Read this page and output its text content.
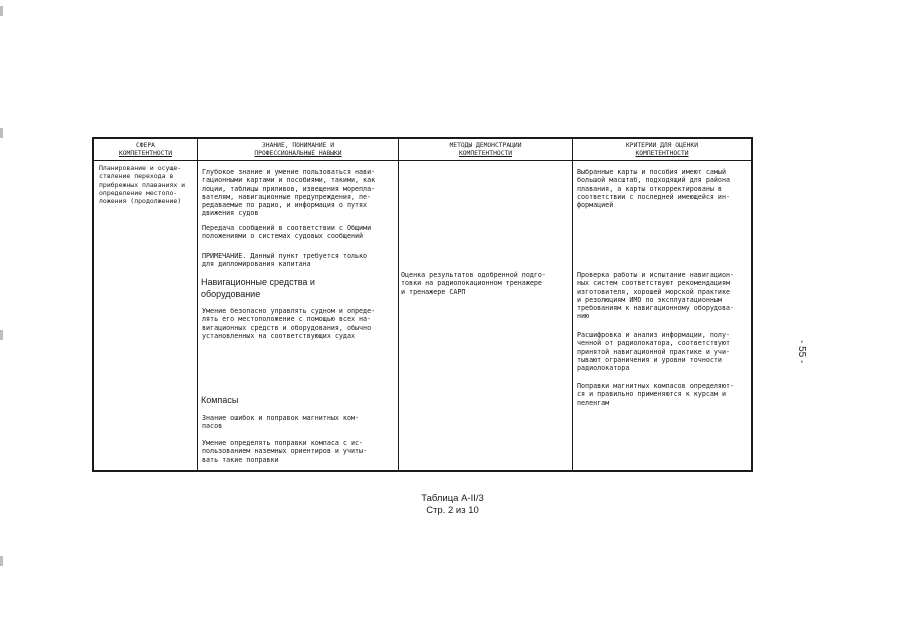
СФЕРА
КОМПЕТЕНТНОСТИ
ЗНАНИЕ, ПОНИМАНИЕ И
ПРОФЕССИОНАЛЬНЫЕ НАВЫКИ
МЕТОДЫ ДЕМОНСТРАЦИИ
КОМПЕТЕНТНОСТИ
КРИТЕРИИ ДЛЯ ОЦЕНКИ
КОМПЕТЕНТНОСТИ
Планирование и осуще-
ствление перехода в
прибрежных плаваниях и
определение местопо-
ложения (продолжение)
Глубокое знание и умение пользоваться нави-
гационными картами и пособиями, такими, как
лоции, таблицы приливов, извещения морепла-
вателям, навигационные предупреждения, пе-
редаваемые по радио, и информация о путях
движения судов
Передача сообщений в соответствии с Общими
положениями о системах судовых сообщений
ПРИМЕЧАНИЕ. Данный пункт требуется только
для дипломирования капитана
Навигационные средства и
оборудование
Умение безопасно управлять судном и опреде-
лять его местоположение с помощью всех на-
вигационных средств и оборудования, обычно
установленных на соответствующих судах
Компасы
Знание ошибок и поправок магнитных ком-
пасов
Умение определять поправки компаса с ис-
пользованием наземных ориентиров и учиты-
вать такие поправки
Оценка результатов одобренной подго-
товки на радиолокационном тренажере
и тренажере САРП
Выбранные карты и пособия имеют самый
большой масштаб, подходящий для района
плавания, а карты откорректированы в
соответствии с последней имеющейся ин-
формацией
Проверка работы и испытание навигацион-
ных систем соответствуют рекомендациям
изготовителя, хорошей морской практике
и резолюциям ИМО по эксплуатационным
требованиям к навигационному оборудова-
нию
Расшифровка и анализ информации, полу-
ченной от радиолокатора, соответствуют
принятой навигационной практике и учи-
тывают ограничения и уровни точности
радиолокатора
Поправки магнитных компасов определяют-
ся и правильно применяются к курсам и
пеленгам
Таблица А-II/3
Стр. 2 из 10
- 55 -
